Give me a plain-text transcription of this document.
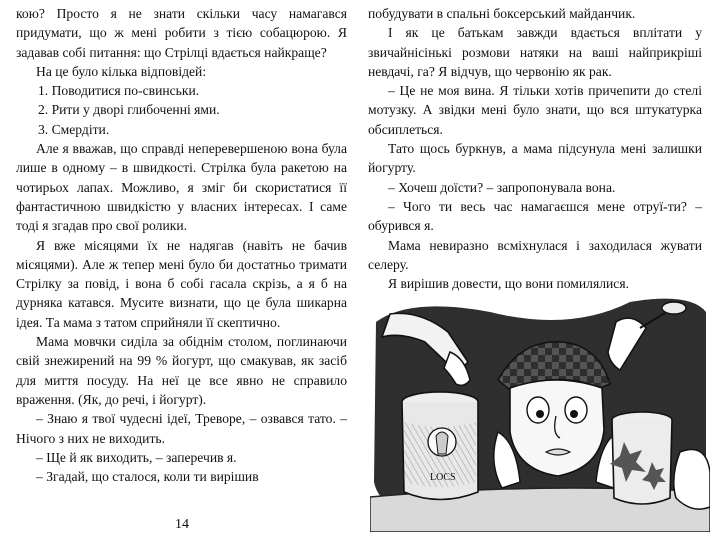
кою? Просто я не знати скільки часу намагався придумати, що ж мені робити з тією собацюрою. Я задавав собі питання: що Стрілці вдається найкраще?

На це було кілька відповідей:

1. Поводитися по-свинськи.

2. Рити у дворі глибоченні ями.

3. Смердіти.

Але я вважав, що справді неперевершеною вона була лише в одному – в швидкості. Стрілка була ракетою на чотирьох лапах. Можливо, я зміг би скористатися її фантастичною швидкістю у власних інтересах. І саме тоді я згадав про свої ролики.

Я вже місяцями їх не надягав (навіть не бачив місяцями). Але ж тепер мені було би достатньо тримати Стрілку за повід, і вона б собі гасала скрізь, а я б на дурняка катався. Мусите визнати, що це була шикарна ідея. Та мама з татом сприйняли її скептично.

Мама мовчки сиділа за обіднім столом, поглинаючи свій знежирений на 99 % йогурт, що смакував, як засіб для миття посуду. На неї це все явно не справило враження. (Як, до речі, і йогурт).

– Знаю я твої чудесні ідеї, Треворе, – озвався тато. – Нічого з них не виходить.

– Ще й як виходить, – заперечив я.

– Згадай, що сталося, коли ти вирішив

побудувати в спальні боксерський майданчик.

І як це батькам завжди вдається вплітати у звичайнісінькі розмови натяки на ваші найприкріші невдачі, га? Я відчув, що червонію як рак.

– Це не моя вина. Я тільки хотів причепити до стелі мотузку. А звідки мені було знати, що вся штукатурка обсиплеться.

Тато щось буркнув, а мама підсунула мені залишки йогурту.

– Хочеш доїсти? – запропонувала вона.

– Чого ти весь час намагаєшся мене отруї-ти? – обурився я.

Мама невиразно всміхнулася і заходилася жувати селеру.

Я вирішив довести, що вони помилялися.

14
LOCS
